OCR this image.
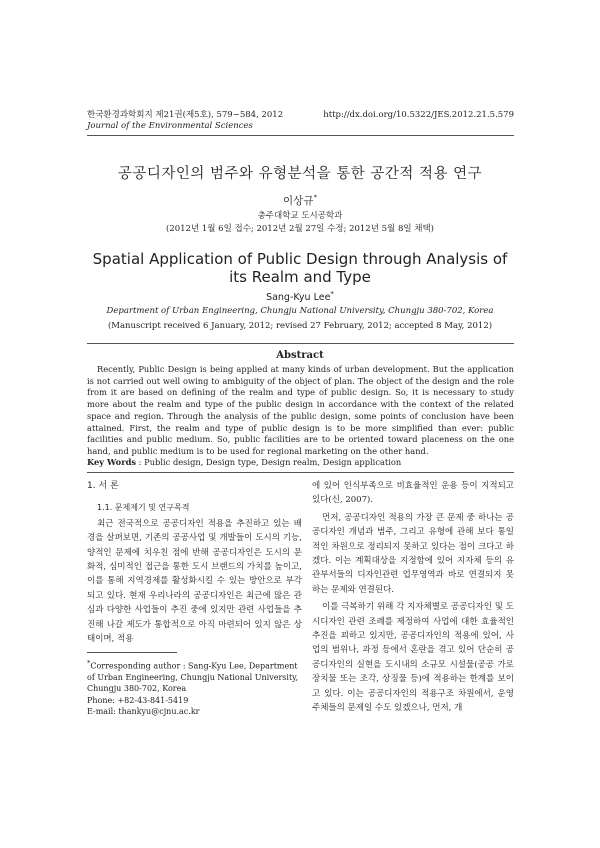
한국환경과학회지 제21권(제5호), 579~584, 2012
Journal of the Environmental Sciences
http://dx.doi.org/10.5322/JES.2012.21.5.579
공공디자인의 범주와 유형분석을 통한 공간적 적용 연구
이상규*
충주대학교 도시공학과
(2012년 1월 6일 접수; 2012년 2월 27일 수정; 2012년 5월 8일 채택)
Spatial Application of Public Design through Analysis of
its Realm and Type
Sang-Kyu Lee*
Department of Urban Engineering, Chungju National University, Chungju 380-702, Korea
(Manuscript received 6 January, 2012; revised 27 February, 2012; accepted 8 May, 2012)
Abstract

Recently, Public Design is being applied at many kinds of urban development. But the application is not carried out well owing to ambiguity of the object of plan. The object of the design and the role from it are based on defining of the realm and type of public design. So, it is necessary to study more about the realm and type of the public design in accordance with the context of the related space and region. Through the analysis of the public design, some points of conclusion have been attained. First, the realm and type of public design is to be more simplified than ever: public facilities and public medium. So, public facilities are to be oriented toward placeness on the one hand, and public medium is to be used for regional marketing on the other hand.

Key Words : Public design, Design type, Design realm, Design application
1. 서 론
1.1. 문제제기 및 연구목적

최근 전국적으로 공공디자인 적용을 추진하고 있는 배경을 살펴보면, 기존의 공공사업 및 개발들이 도시의 기능, 양적인 문제에 치우친 점에 반해 공공디자인은 도시의 문화적, 심미적인 접근을 통한 도시 브랜드의 가치를 높이고, 이를 통해 지역경제를 활성화시킬 수 있는 방안으로 부각되고 있다. 현재 우리나라의 공공디자인은 최근에 많은 관심과 다양한 사업들이 추진 중에 있지만 관련 사업들을 추진해 나갈 제도가 통합적으로 아직 마련되어 있지 않은 상태이며, 적용

에 있어 인식부족으로 비효율적인 운용 등이 지적되고 있다(신, 2007).

먼저, 공공디자인 적용의 가장 큰 문제 중 하나는 공공디자인 개념과 범주, 그리고 유형에 관해 보다 통일적인 차원으로 정리되지 못하고 있다는 점이 크다고 하겠다. 이는 계획대상을 지정함에 있어 지자체 등의 유관부서들의 디자인관련 업무영역과 바로 연결되지 못하는 문제와 연결된다.

이를 극복하기 위해 각 지자체별로 공공디자인 및 도시디자인 관련 조례를 제정하여 사업에 대한 효율적인 추진을 꾀하고 있지만, 공공디자인의 적용에 있어, 사업의 범위나, 과정 등에서 혼란을 겪고 있어 단순히 공공디자인의 실현을 도시내의 소규모 시설물(공공 가로장치물 또는 조각, 상징물 등)에 적용하는 한계를 보이고 있다. 이는 공공디자인의 적용구조 차원에서, 운영주체들의 문제일 수도 있겠으나, 먼저, 개

*Corresponding author : Sang-Kyu Lee, Department of Urban Engineering, Chungju National University, Chungju 380-702, Korea
Phone: +82-43-841-5419
E-mail: thankyu@cjnu.ac.kr
